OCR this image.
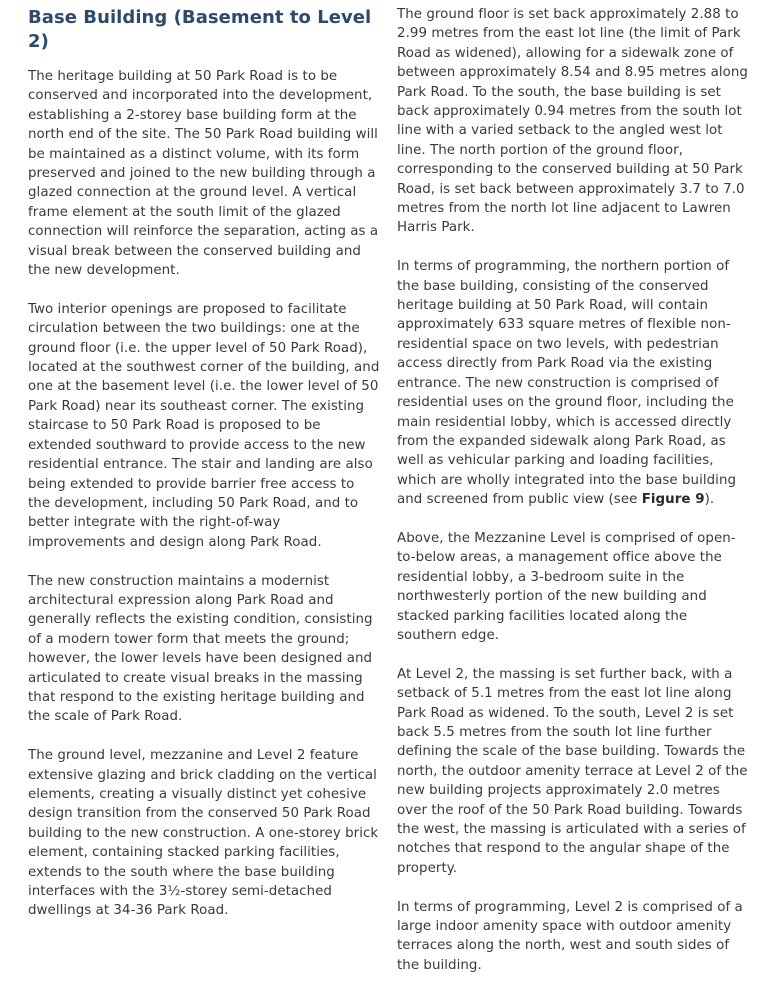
Base Building (Basement to Level 2)

The heritage building at 50 Park Road is to be conserved and incorporated into the development, establishing a 2-storey base building form at the north end of the site. The 50 Park Road building will be maintained as a distinct volume, with its form preserved and joined to the new building through a glazed connection at the ground level. A vertical frame element at the south limit of the glazed connection will reinforce the separation, acting as a visual break between the conserved building and the new development.

Two interior openings are proposed to facilitate circulation between the two buildings: one at the ground floor (i.e. the upper level of 50 Park Road), located at the southwest corner of the building, and one at the basement level (i.e. the lower level of 50 Park Road) near its southeast corner. The existing staircase to 50 Park Road is proposed to be extended southward to provide access to the new residential entrance. The stair and landing are also being extended to provide barrier free access to the development, including 50 Park Road, and to better integrate with the right-of-way improvements and design along Park Road.

The new construction maintains a modernist architectural expression along Park Road and generally reflects the existing condition, consisting of a modern tower form that meets the ground; however, the lower levels have been designed and articulated to create visual breaks in the massing that respond to the existing heritage building and the scale of Park Road.

The ground level, mezzanine and Level 2 feature extensive glazing and brick cladding on the vertical elements, creating a visually distinct yet cohesive design transition from the conserved 50 Park Road building to the new construction. A one-storey brick element, containing stacked parking facilities, extends to the south where the base building interfaces with the 3½-storey semi-detached dwellings at 34-36 Park Road.

The ground floor is set back approximately 2.88 to 2.99 metres from the east lot line (the limit of Park Road as widened), allowing for a sidewalk zone of between approximately 8.54 and 8.95 metres along Park Road. To the south, the base building is set back approximately 0.94 metres from the south lot line with a varied setback to the angled west lot line. The north portion of the ground floor, corresponding to the conserved building at 50 Park Road, is set back between approximately 3.7 to 7.0 metres from the north lot line adjacent to Lawren Harris Park.

In terms of programming, the northern portion of the base building, consisting of the conserved heritage building at 50 Park Road, will contain approximately 633 square metres of flexible non-residential space on two levels, with pedestrian access directly from Park Road via the existing entrance. The new construction is comprised of residential uses on the ground floor, including the main residential lobby, which is accessed directly from the expanded sidewalk along Park Road, as well as vehicular parking and loading facilities, which are wholly integrated into the base building and screened from public view (see Figure 9).

Above, the Mezzanine Level is comprised of open-to-below areas, a management office above the residential lobby, a 3-bedroom suite in the northwesterly portion of the new building and stacked parking facilities located along the southern edge.

At Level 2, the massing is set further back, with a setback of 5.1 metres from the east lot line along Park Road as widened. To the south, Level 2 is set back 5.5 metres from the south lot line further defining the scale of the base building. Towards the north, the outdoor amenity terrace at Level 2 of the new building projects approximately 2.0 metres over the roof of the 50 Park Road building. Towards the west, the massing is articulated with a series of notches that respond to the angular shape of the property.

In terms of programming, Level 2 is comprised of a large indoor amenity space with outdoor amenity terraces along the north, west and south sides of the building.
